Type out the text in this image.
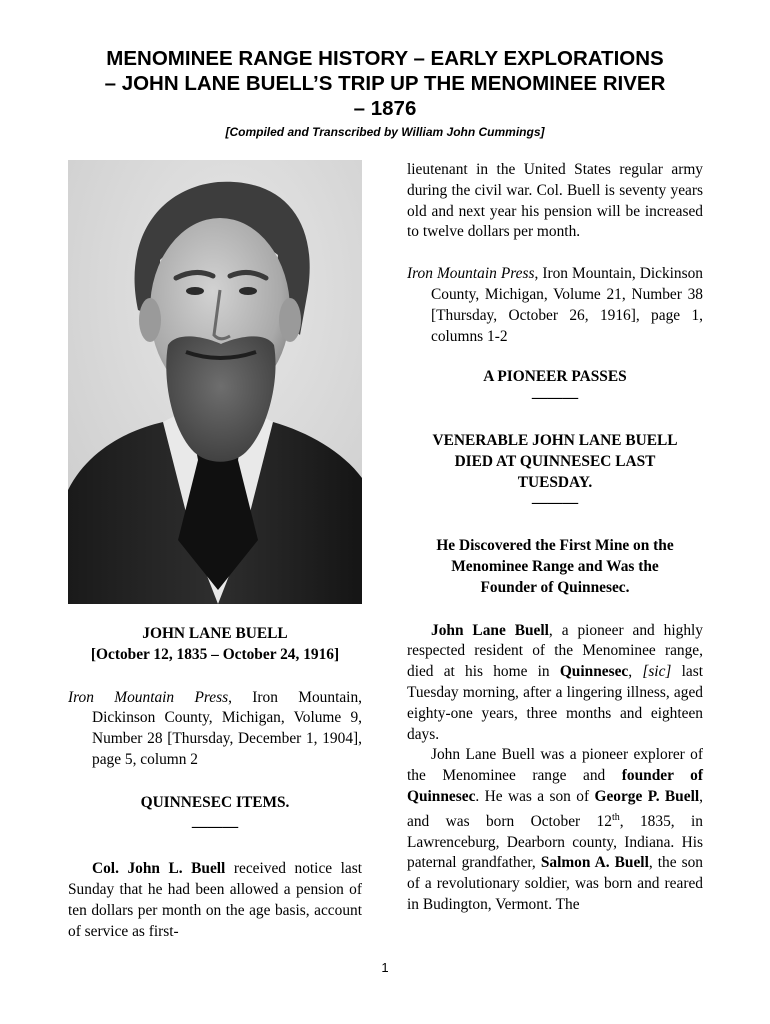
MENOMINEE RANGE HISTORY – EARLY EXPLORATIONS
– JOHN LANE BUELL’S TRIP UP THE MENOMINEE RIVER
– 1876

[Compiled and Transcribed by William John Cummings]

JOHN LANE BUELL

[October 12, 1835 – October 24, 1916]

Iron Mountain Press, Iron Mountain, Dickinson County, Michigan, Volume 9, Number 28 [Thursday, December 1, 1904], page 5, column 2

QUINNESEC ITEMS.

———

Col. John L. Buell received notice last Sunday that he had been allowed a pension of ten dollars per month on the age basis, account of service as first-

lieutenant in the United States regular army during the civil war. Col. Buell is seventy years old and next year his pension will be increased to twelve dollars per month.

Iron Mountain Press, Iron Mountain, Dickinson County, Michigan, Volume 21, Number 38 [Thursday, October 26, 1916], page 1, columns 1-2

A PIONEER PASSES

———

VENERABLE JOHN LANE BUELL
DIED AT QUINNESEC LAST
TUESDAY.

———

He Discovered the First Mine on the
Menominee Range and Was the
Founder of Quinnesec.

John Lane Buell, a pioneer and highly respected resident of the Menominee range, died at his home in Quinnesec, [sic] last Tuesday morning, after a lingering illness, aged eighty-one years, three months and eighteen days.

John Lane Buell was a pioneer explorer of the Menominee range and founder of Quinnesec. He was a son of George P. Buell, and was born October 12th, 1835, in Lawrenceburg, Dearborn county, Indiana. His paternal grandfather, Salmon A. Buell, the son of a revolutionary soldier, was born and reared in Budington, Vermont. The

1
